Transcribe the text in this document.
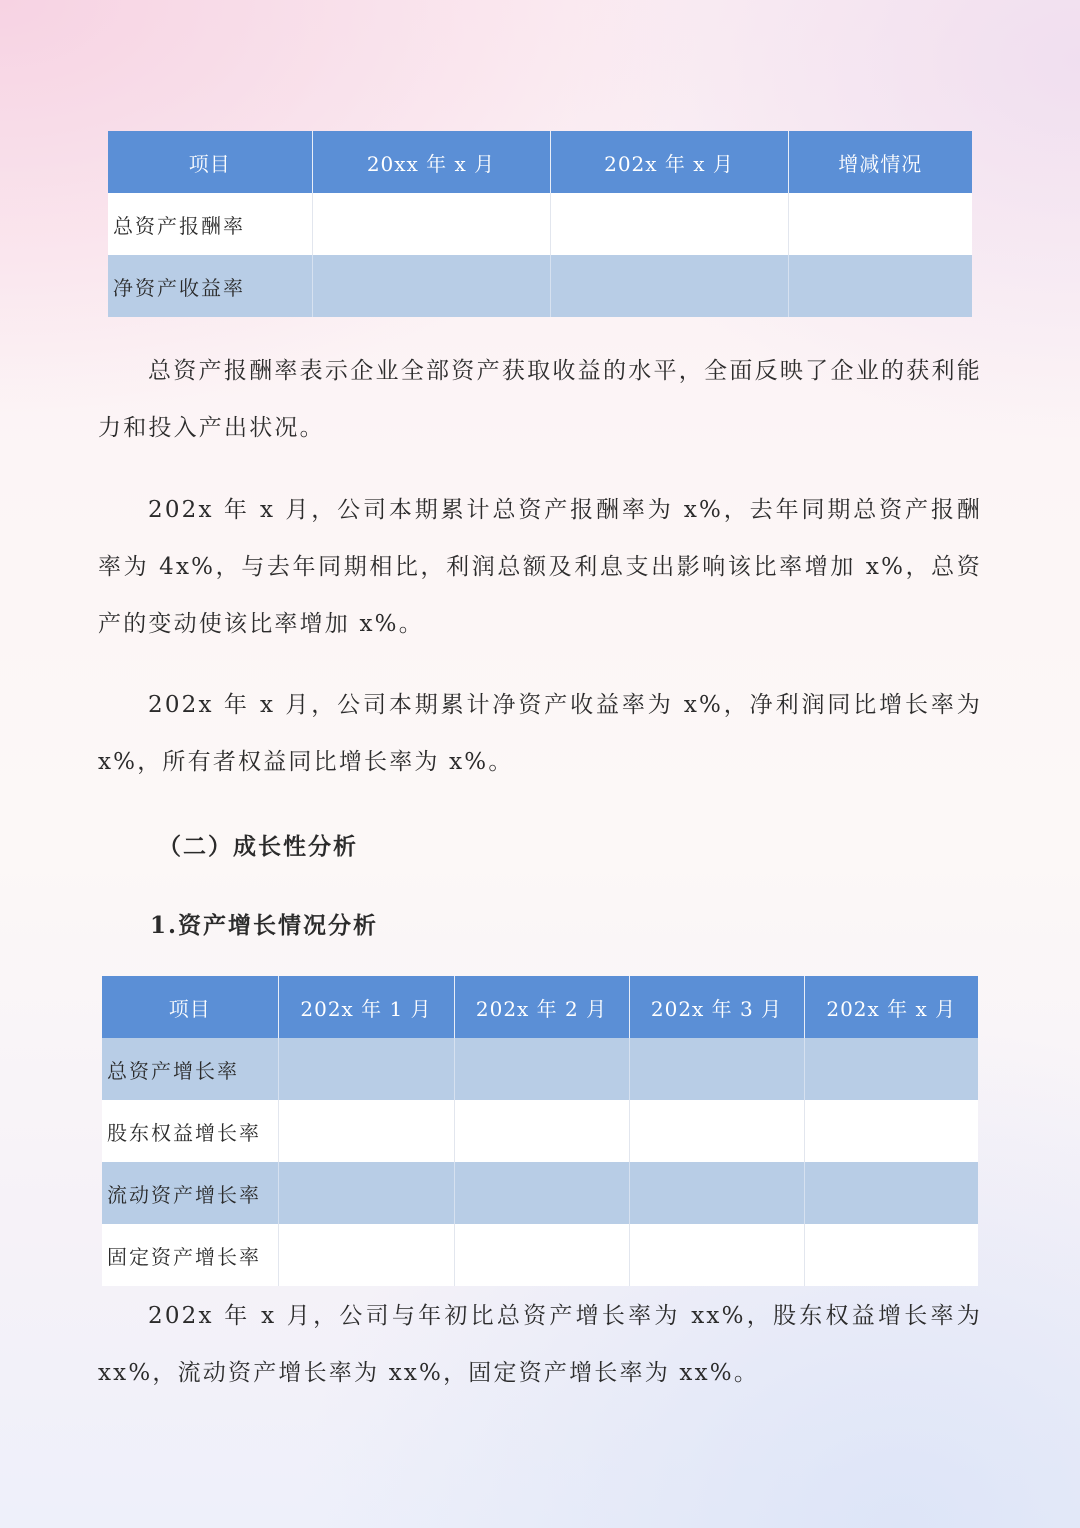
项目	20xx 年 x 月	202x 年 x 月	增减情况
总资产报酬率			
净资产收益率			

总资产报酬率表示企业全部资产获取收益的水平，全面反映了企业的获利能力和投入产出状况。

202x 年 x 月，公司本期累计总资产报酬率为 x%，去年同期总资产报酬率为 4x%，与去年同期相比，利润总额及利息支出影响该比率增加 x%，总资产的变动使该比率增加 x%。

202x 年 x 月，公司本期累计净资产收益率为 x%，净利润同比增长率为 x%，所有者权益同比增长率为 x%。

（二）成长性分析
1.资产增长情况分析
项目	202x 年 1 月	202x 年 2 月	202x 年 3 月	202x 年 x 月
总资产增长率				
股东权益增长率				
流动资产增长率				
固定资产增长率				

202x 年 x 月，公司与年初比总资产增长率为 xx%，股东权益增长率为 xx%，流动资产增长率为 xx%，固定资产增长率为 xx%。
